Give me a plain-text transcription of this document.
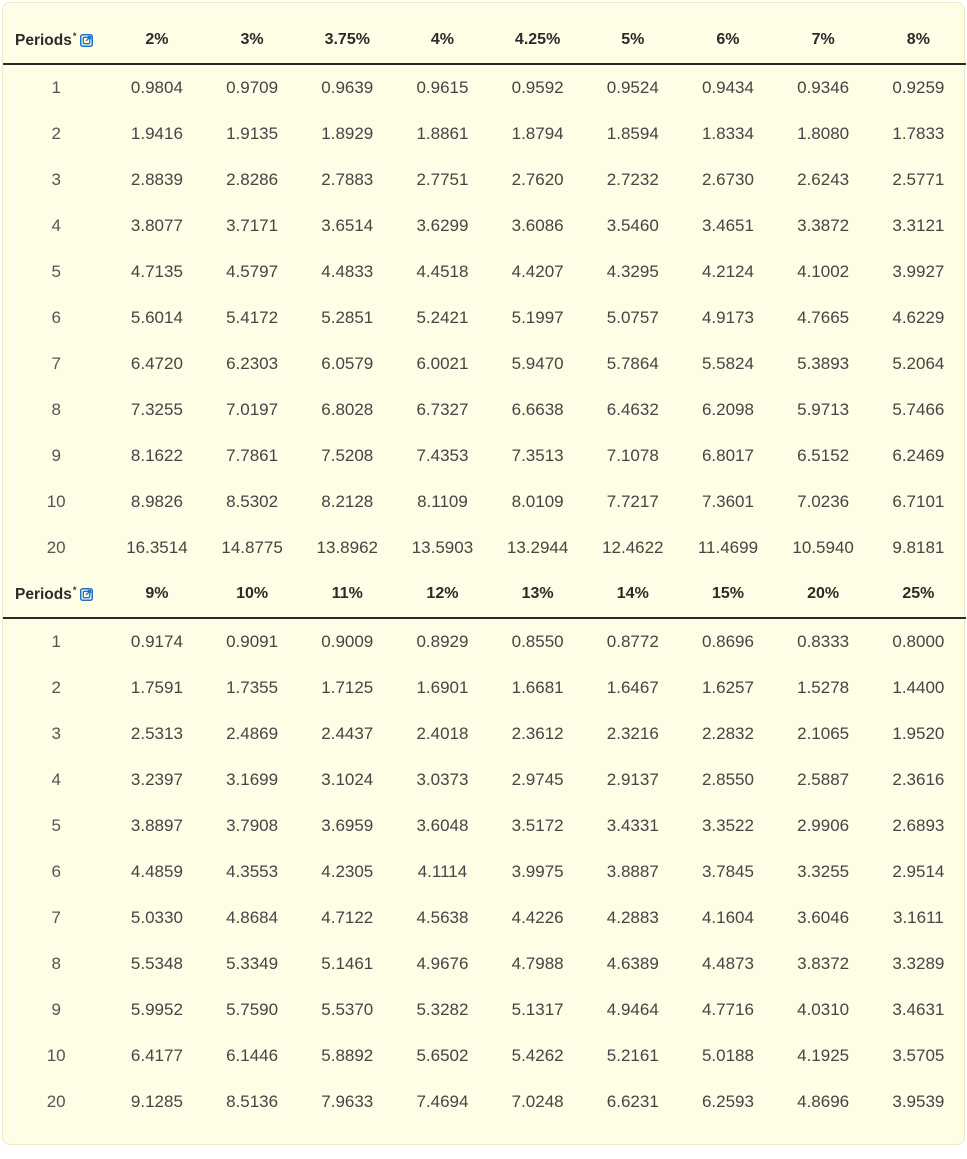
Periods*	2%	3%	3.75%	4%	4.25%	5%	6%	7%	8%
1	0.9804	0.9709	0.9639	0.9615	0.9592	0.9524	0.9434	0.9346	0.9259
2	1.9416	1.9135	1.8929	1.8861	1.8794	1.8594	1.8334	1.8080	1.7833
3	2.8839	2.8286	2.7883	2.7751	2.7620	2.7232	2.6730	2.6243	2.5771
4	3.8077	3.7171	3.6514	3.6299	3.6086	3.5460	3.4651	3.3872	3.3121
5	4.7135	4.5797	4.4833	4.4518	4.4207	4.3295	4.2124	4.1002	3.9927
6	5.6014	5.4172	5.2851	5.2421	5.1997	5.0757	4.9173	4.7665	4.6229
7	6.4720	6.2303	6.0579	6.0021	5.9470	5.7864	5.5824	5.3893	5.2064
8	7.3255	7.0197	6.8028	6.7327	6.6638	6.4632	6.2098	5.9713	5.7466
9	8.1622	7.7861	7.5208	7.4353	7.3513	7.1078	6.8017	6.5152	6.2469
10	8.9826	8.5302	8.2128	8.1109	8.0109	7.7217	7.3601	7.0236	6.7101
20	16.3514	14.8775	13.8962	13.5903	13.2944	12.4622	11.4699	10.5940	9.8181
Periods*	9%	10%	11%	12%	13%	14%	15%	20%	25%
1	0.9174	0.9091	0.9009	0.8929	0.8550	0.8772	0.8696	0.8333	0.8000
2	1.7591	1.7355	1.7125	1.6901	1.6681	1.6467	1.6257	1.5278	1.4400
3	2.5313	2.4869	2.4437	2.4018	2.3612	2.3216	2.2832	2.1065	1.9520
4	3.2397	3.1699	3.1024	3.0373	2.9745	2.9137	2.8550	2.5887	2.3616
5	3.8897	3.7908	3.6959	3.6048	3.5172	3.4331	3.3522	2.9906	2.6893
6	4.4859	4.3553	4.2305	4.1114	3.9975	3.8887	3.7845	3.3255	2.9514
7	5.0330	4.8684	4.7122	4.5638	4.4226	4.2883	4.1604	3.6046	3.1611
8	5.5348	5.3349	5.1461	4.9676	4.7988	4.6389	4.4873	3.8372	3.3289
9	5.9952	5.7590	5.5370	5.3282	5.1317	4.9464	4.7716	4.0310	3.4631
10	6.4177	6.1446	5.8892	5.6502	5.4262	5.2161	5.0188	4.1925	3.5705
20	9.1285	8.5136	7.9633	7.4694	7.0248	6.6231	6.2593	4.8696	3.9539
